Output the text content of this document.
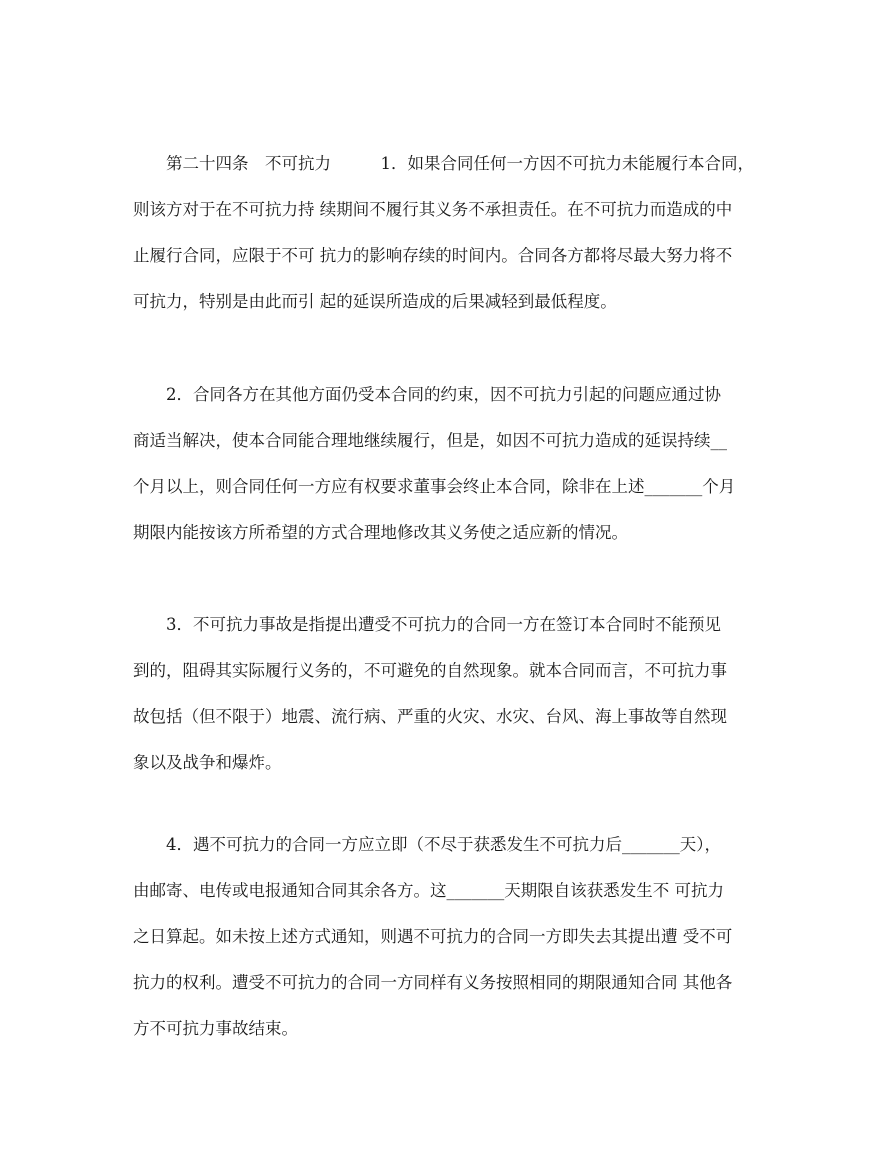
　　第二十四条　不可抗力　　　1．如果合同任何一方因不可抗力未能履行本合同，
则该方对于在不可抗力持 续期间不履行其义务不承担责任。在不可抗力而造成的中
止履行合同，应限于不可 抗力的影响存续的时间内。合同各方都将尽最大努力将不
可抗力，特别是由此而引 起的延误所造成的后果减轻到最低程度。
　　2．合同各方在其他方面仍受本合同的约束，因不可抗力引起的问题应通过协
商适当解决，使本合同能合理地继续履行，但是，如因不可抗力造成的延误持续__
个月以上，则合同任何一方应有权要求董事会终止本合同，除非在上述_______个月
期限内能按该方所希望的方式合理地修改其义务使之适应新的情况。
　　3．不可抗力事故是指提出遭受不可抗力的合同一方在签订本合同时不能预见
到的，阻碍其实际履行义务的，不可避免的自然现象。就本合同而言，不可抗力事
故包括（但不限于）地震、流行病、严重的火灾、水灾、台风、海上事故等自然现
象以及战争和爆炸。
　　4．遇不可抗力的合同一方应立即（不尽于获悉发生不可抗力后_______天），
由邮寄、电传或电报通知合同其余各方。这_______天期限自该获悉发生不 可抗力
之日算起。如未按上述方式通知，则遇不可抗力的合同一方即失去其提出遭 受不可
抗力的权利。遭受不可抗力的合同一方同样有义务按照相同的期限通知合同 其他各
方不可抗力事故结束。
